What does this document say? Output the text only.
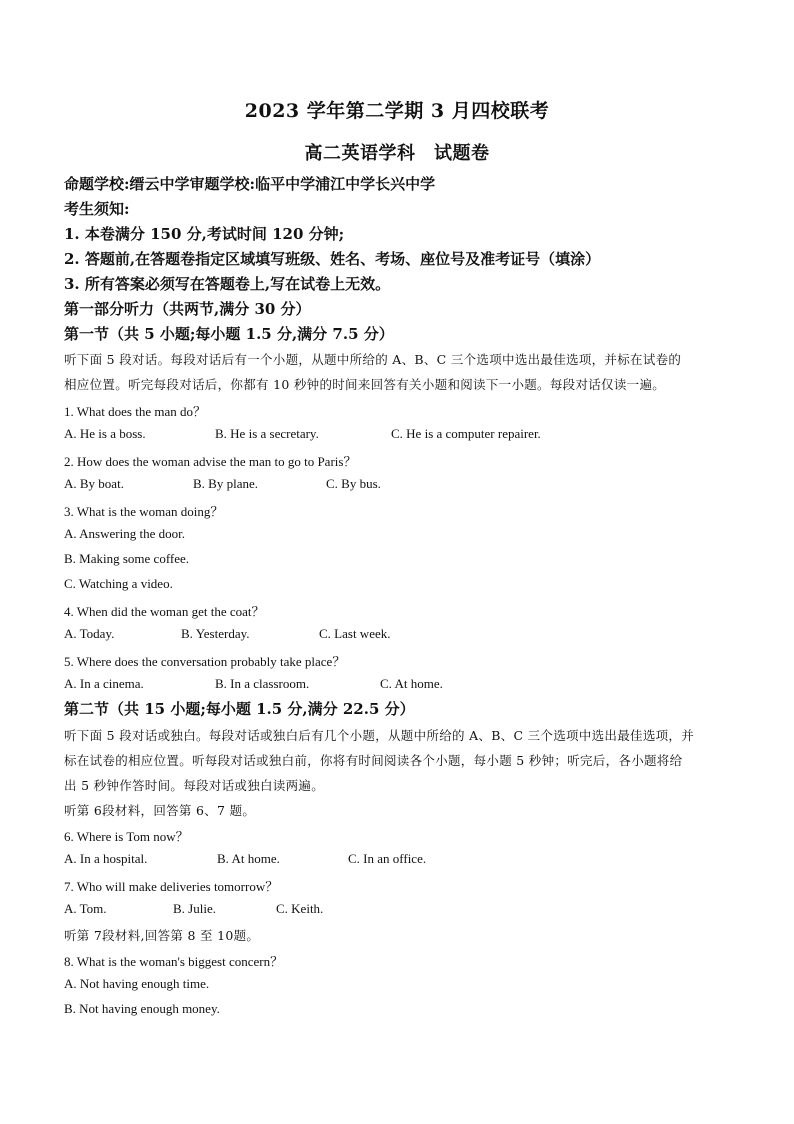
2023 学年第二学期 3 月四校联考
高二英语学科　试题卷
命题学校:缙云中学审题学校:临平中学浦江中学长兴中学
考生须知:
1. 本卷满分 150 分,考试时间 120 分钟;
2. 答题前,在答题卷指定区域填写班级、姓名、考场、座位号及准考证号（填涂）
3. 所有答案必须写在答题卷上,写在试卷上无效。
第一部分听力（共两节,满分 30 分）
第一节（共 5 小题;每小题 1.5 分,满分 7.5 分）
听下面 5 段对话。每段对话后有一个小题，从题中所给的 A、B、C 三个选项中选出最佳选项，并标在试卷的
相应位置。听完每段对话后，你都有 10 秒钟的时间来回答有关小题和阅读下一小题。每段对话仅读一遍。
1. What does the man do？
A. He is a boss.	B. He is a secretary.	C. He is a computer repairer.
2. How does the woman advise the man to go to Paris？
A. By boat.	B. By plane.	C. By bus.
3. What is the woman doing？
A. Answering the door.
B. Making some coffee.
C. Watching a video.
4. When did the woman get the coat？
A. Today.	B. Yesterday.	C. Last week.
5. Where does the conversation probably take place？
A. In a cinema.	B. In a classroom.	C. At home.
第二节（共 15 小题;每小题 1.5 分,满分 22.5 分）
听下面 5 段对话或独白。每段对话或独白后有几个小题，从题中所给的 A、B、C 三个选项中选出最佳选项，并
标在试卷的相应位置。听每段对话或独白前，你将有时间阅读各个小题，每小题 5 秒钟；听完后，各小题将给
出 5 秒钟作答时间。每段对话或独白读两遍。
听第 6段材料，回答第 6、7 题。
6. Where is Tom now？
A. In a hospital.	B. At home.	C. In an office.
7. Who will make deliveries tomorrow？
A. Tom.	B. Julie.	C. Keith.
听第 7段材料,回答第 8 至 10题。
8. What is the woman's biggest concern？
A. Not having enough time.
B. Not having enough money.
